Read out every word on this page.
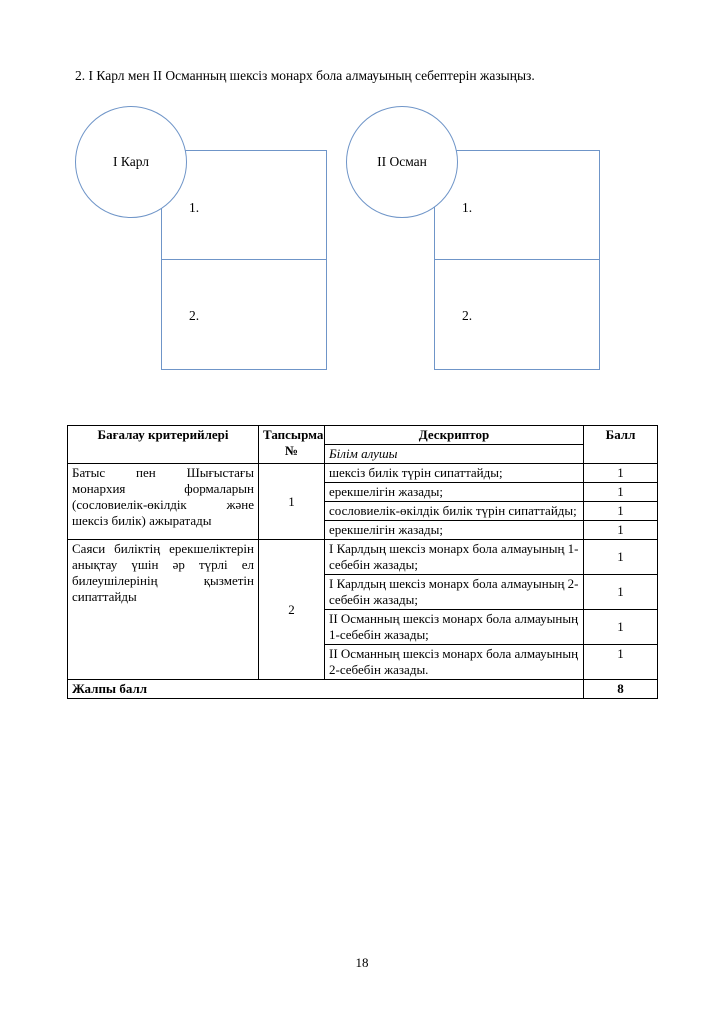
2. I Карл мен II Османның шексіз монарх бола алмауының себептерін жазыңыз.
I Карл
1.
2.
II Осман
1.
2.
Бағалау критерийлері	Тапсырма №	Дескриптор	Балл
		Білім алушы	
Батыс пен Шығыстағы монархия формаларын (сословиелік-өкілдік және шексіз билік) ажыратады	1	шексіз билік түрін сипаттайды;	1
		ерекшелігін жазады;	1
		сословиелік-өкілдік билік түрін сипаттайды;	1
		ерекшелігін жазады;	1
Саяси биліктің ерекшеліктерін анықтау үшін әр түрлі ел билеушілерінің қызметін сипаттайды	2	I Карлдың шексіз монарх бола алмауының 1-себебін жазады;	1
		I Карлдың шексіз монарх бола алмауының 2-себебін жазады;	1
		II Османның шексіз монарх бола алмауының 1-себебін жазады;	1
		II Османның шексіз монарх бола алмауының 2-себебін жазады.	1
Жалпы балл			8
18
